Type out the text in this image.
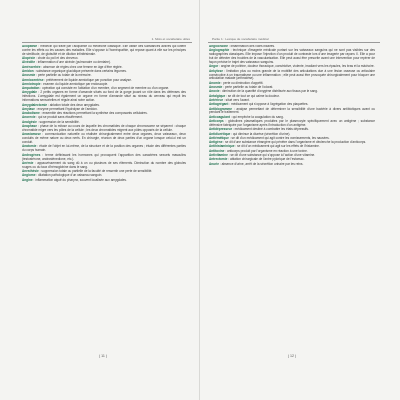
1. Mots et vocabulaire utiles

Allopathie : médecin qui traite par l'allopathie ou médecine classique. Elle utilise des substances actives qui luttent contre les effets ou les causes des maladies. Elle s'oppose à l'homéopathie, qui repose quant à elle sur les principes de similitude, de globulité et de dilution infinitésimale.

Alopécie : chute du poil et des cheveux.

Alvéolite : inflammation d'une alvéole (pulmonaire ou dentaire).

Aménorrhée : absence de règles chez une femme en âge d'être réglée.

Amidon : substance organique glucidique présente dans certains légumes.

Anosmie : perte partielle ou totale de la mémoire.

Amniocentèse : prélèvement de liquide amniotique par ponction pour analyse.

Amniotropie : examen du liquide amniotique par endoscopie.

Amputation : opération qui consiste en l'ablation d'un membre, d'un segment de membre ou d'un organe.

Amygdale : 2 petits organes en forme d'amande situés au fond de la gorge jouant un rôle dans les défenses des infections. L'amygdale est également un organe en forme d'amande situé au niveau du cerveau qui reçoit les informations sensorielles et régule ainsi notre action.

Amygdalectomie : ablation totale des deux amygdales.

Amylase : enzyme permettant l'hydrolyse de l'amidon.

Anabolisme : ensemble des réactions permettant la synthèse des composants cellulaires.

Anorexie : qui se produit sans étouffement.

Analgésie : suppression de la sensibilité.

Anaphase : phase de la mitose au cours de laquelle les chromatides de chaque chromosome se séparent : chaque chromatide migre vers les pôles de la cellule ; les deux chromatides migrent aux pôles opposés de la cellule.

Anastomose : communication naturelle ou réalisée chirurgicalement entre deux organes, deux vaisseaux, deux conduits de même nature ou deux nerfs. En chirurgie, réunion de deux parties d'un organe lorsque celui-ci est un conduit.

Anatomie : étude de l'objet en lui-même, de la structure et de la position des organes ; étude des différentes parties du corps humain.

Androgènes : terme définissant les hormones qui provoquent l'apparition des caractères sexuels masculins (testostérone, androstènedione, etc.).

Anémie : appauvrissement du sang dû à un ou plusieurs de ses éléments. Diminution du nombre des globules rouges ou du taux d'hémoglobine dans le sang.

Anesthésie : suppression totale ou partielle de la faculté de ressentir une perte de sensibilité.

Angiome : dilatation pathologique d'un vaisseau sanguin.

Angine : inflammation aiguë du pharynx, souvent localisée aux amygdales.

( 11 )
Partie 1 : Lexique de vocabulaire médical

Angiocholite : inflammation des voies biliaires.

Angiographie : technique d'imagerie médicale portant sur les vaisseaux sanguins qui ne sont pas visibles sur des radiographies classiques. Elle impose l'injection d'un produit de contraste lors d'une imagerie par rayons X. Elle a pour but de détecter des troubles de la vascularisation. Elle peut aussi être prescrite avant une intervention pour repérer de façon précise le trajet des vaisseaux sanguins.

Angor : angine de poitrine, douleur thoracique, constrictive, violente, irradiant vers les épaules, les bras et la mâchoire.

Ankylose : limitation plus ou moins grande de la mobilité des articulations due à une lésion osseuse ou articulaire consécutive à un traumatisme ou une inflammation ; elle peut aussi être provoquée chirurgicalement pour bloquer une articulation malade (arthrodèse).

Anomie : perte ou diminution d'appétit.

Anosmie : perte partielle ou totale de l'odorat.

Anoxie : diminution de la quantité d'oxygène distribuée aux tissus par le sang.

Antalgique : se dit de tout ce qui calme la douleur.

Antérieur : situé vers l'avant.

Antiagrégant : médicament qui s'oppose à l'agrégation des plaquettes.

Antibiogramme : analyse permettant de déterminer la sensibilité d'une bactérie à divers antibiotiques avant ou pendant le traitement.

Anticoagulant : qui empêche la coagulation du sang.

Anticorps : globulines plasmatiques produites par le plasmocyte spécifiquement avec un antigène ; substance défensive fabriquée par l'organisme après l'introduction d'un antigène.

Antidépresseur : médicament destiné à combattre les états dépressifs.

Antidiurétique : qui diminue la diurèse (sécrétion d'urine).

Antiémétique : se dit d'un médicament qui agit contre les vomissements, les nausées.

Antigène : se dit d'une substance étrangère qui pénètre dans l'organisme et déclenche la production d'anticorps.

Antihistaminique : se dit d'un médicament qui agit sur les effets de l'histamine.

Antitoxine : anticorps produit par l'organisme en réaction à une toxine.

Antivitamine : se dit d'une substance qui s'oppose à l'action d'une vitamine.

Antrectomie : ablation chirurgicale de l'antre pylorique de l'estomac.

Anurie : absence d'urine, arrêt de la sécrétion urinaire par les reins.

( 12 )
